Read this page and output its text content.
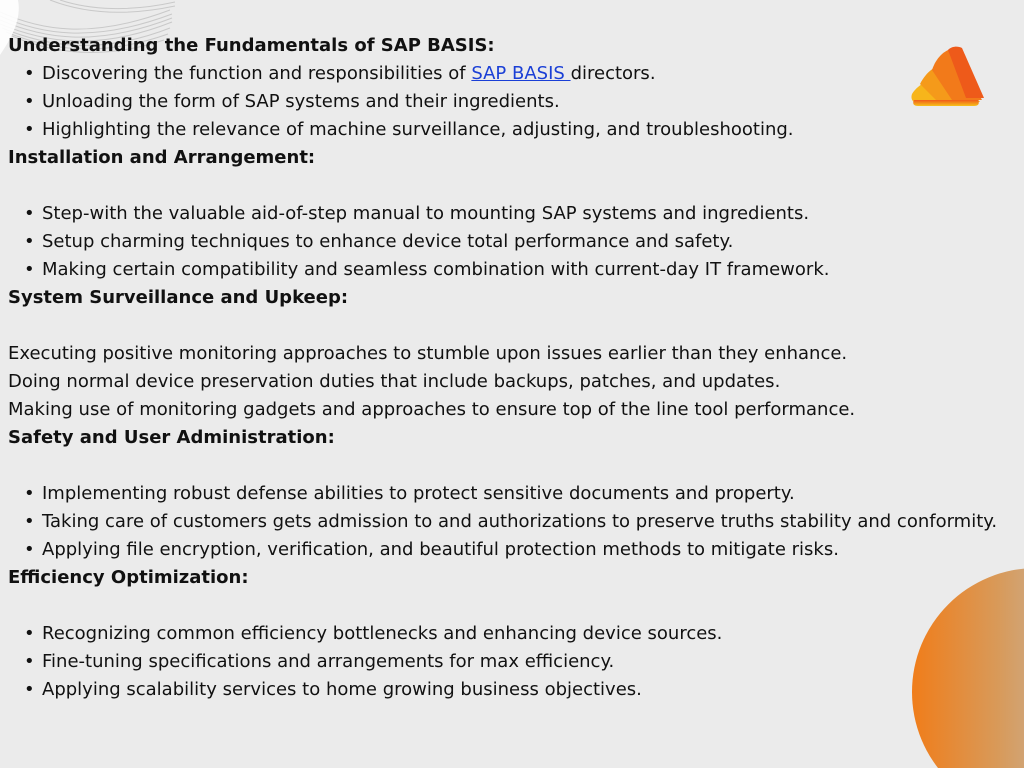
Understanding the Fundamentals of SAP BASIS:
• Discovering the function and responsibilities of SAP BASIS directors.
• Unloading the form of SAP systems and their ingredients.
• Highlighting the relevance of machine surveillance, adjusting, and troubleshooting.
Installation and Arrangement:
• Step-with the valuable aid-of-step manual to mounting SAP systems and ingredients.
• Setup charming techniques to enhance device total performance and safety.
• Making certain compatibility and seamless combination with current-day IT framework.
System Surveillance and Upkeep:
Executing positive monitoring approaches to stumble upon issues earlier than they enhance.
Doing normal device preservation duties that include backups, patches, and updates.
Making use of monitoring gadgets and approaches to ensure top of the line tool performance.
Safety and User Administration:
• Implementing robust defense abilities to protect sensitive documents and property.
• Taking care of customers gets admission to and authorizations to preserve truths stability and conformity.
• Applying file encryption, verification, and beautiful protection methods to mitigate risks.
Efficiency Optimization:
• Recognizing common efficiency bottlenecks and enhancing device sources.
• Fine-tuning specifications and arrangements for max efficiency.
• Applying scalability services to home growing business objectives.
